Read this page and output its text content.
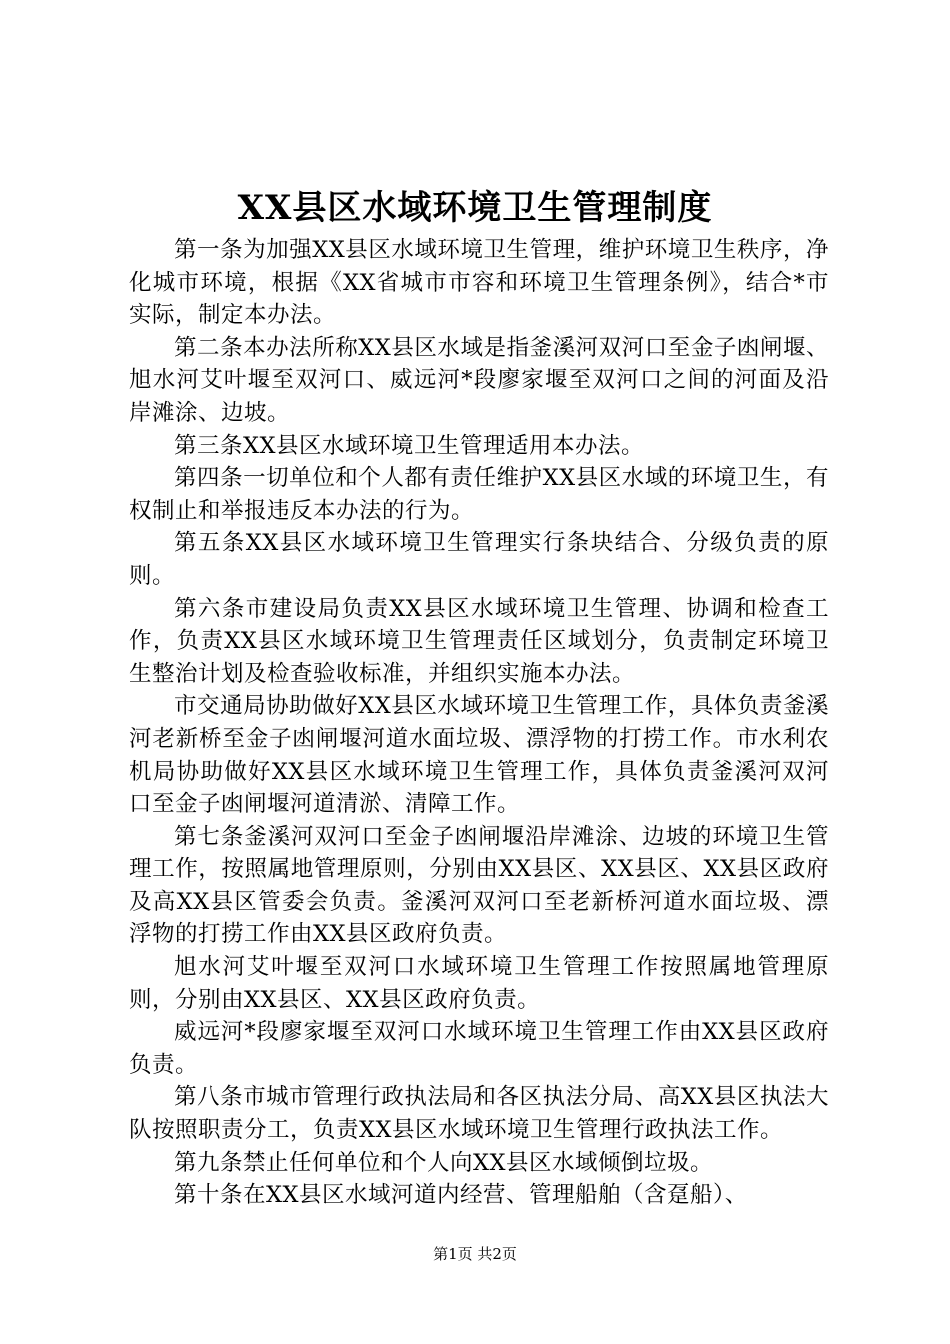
XX县区水域环境卫生管理制度

第一条为加强XX县区水域环境卫生管理，维护环境卫生秩序，净化城市环境，根据《XX省城市市容和环境卫生管理条例》，结合*市实际，制定本办法。

第二条本办法所称XX县区水域是指釜溪河双河口至金子凼闸堰、旭水河艾叶堰至双河口、威远河*段廖家堰至双河口之间的河面及沿岸滩涂、边坡。

第三条XX县区水域环境卫生管理适用本办法。

第四条一切单位和个人都有责任维护XX县区水域的环境卫生，有权制止和举报违反本办法的行为。

第五条XX县区水域环境卫生管理实行条块结合、分级负责的原则。

第六条市建设局负责XX县区水域环境卫生管理、协调和检查工作，负责XX县区水域环境卫生管理责任区域划分，负责制定环境卫生整治计划及检查验收标准，并组织实施本办法。

市交通局协助做好XX县区水域环境卫生管理工作，具体负责釜溪河老新桥至金子凼闸堰河道水面垃圾、漂浮物的打捞工作。市水利农机局协助做好XX县区水域环境卫生管理工作，具体负责釜溪河双河口至金子凼闸堰河道清淤、清障工作。

第七条釜溪河双河口至金子凼闸堰沿岸滩涂、边坡的环境卫生管理工作，按照属地管理原则，分别由XX县区、XX县区、XX县区政府及高XX县区管委会负责。釜溪河双河口至老新桥河道水面垃圾、漂浮物的打捞工作由XX县区政府负责。

旭水河艾叶堰至双河口水域环境卫生管理工作按照属地管理原则，分别由XX县区、XX县区政府负责。

威远河*段廖家堰至双河口水域环境卫生管理工作由XX县区政府负责。

第八条市城市管理行政执法局和各区执法分局、高XX县区执法大队按照职责分工，负责XX县区水域环境卫生管理行政执法工作。

第九条禁止任何单位和个人向XX县区水域倾倒垃圾。

第十条在XX县区水域河道内经营、管理船舶（含趸船）、

第1页 共2页
